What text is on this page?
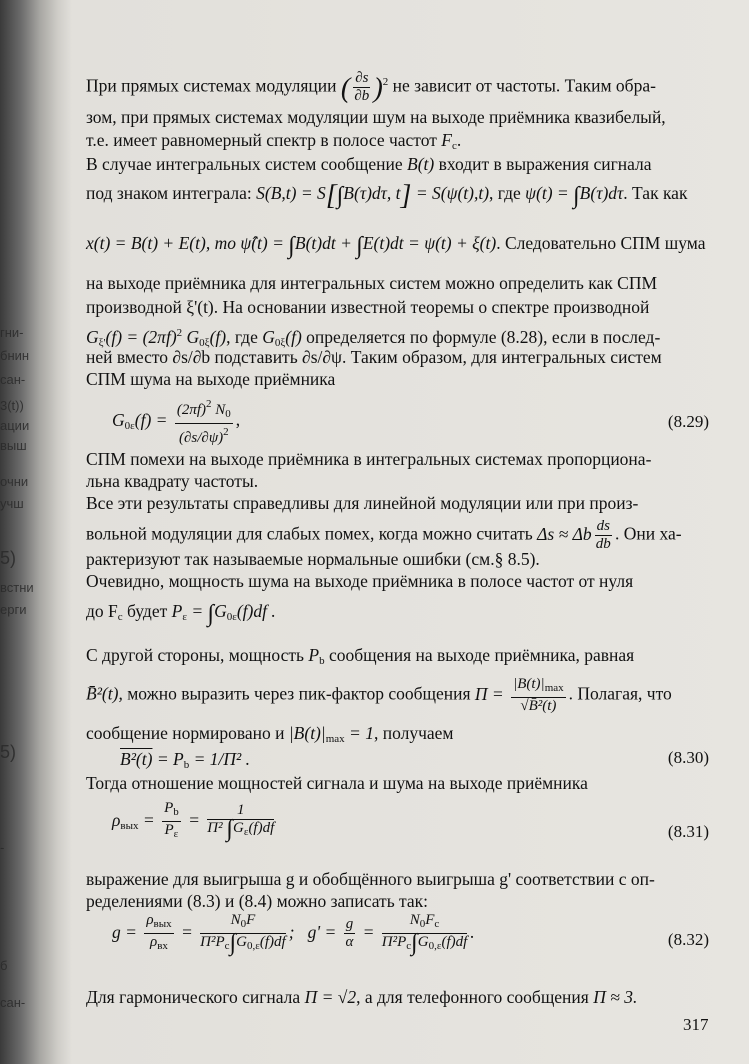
гни-
бнин
сан-
3(t))
ации
выш
очни
учш
5)
встни
ерги
5)
-
б
сан-
При прямых системах модуляции ( $\frac{\partial s}{\partial b} )^2$ не зависит от частоты. Таким обра-
зом, при прямых системах модуляции шум на выходе приёмника квазибелый,
т.е. имеет равномерный спектр в полосе частот $F_c$.
В случае интегральных систем сообщение B(t) входит в выражения сигнала
под знаком интеграла: S(B,t) = S[∫B(τ)dτ, t] = S(ψ(t),t), где ψ(t) = ∫B(τ)dτ. Так как
x(t) = B(t) + E(t), то ψ̂(t) = ∫B(t)dt + ∫E(t)dt = ψ(t) + ξ(t). Следовательно СПМ шума
на выходе приёмника для интегральных систем можно определить как СПМ
производной ξ'(t). На основании известной теоремы о спектре производной
$G_{\xi'}(f) = (2\pi f)^2$ $G_{0\xi}(f)$, где $G_{0\xi}(f)$ определяется по формуле (8.28), если в послед-
ней вместо ∂s/∂b подставить ∂s/∂ψ. Таким образом, для интегральных систем
СПМ шума на выходе приёмника
$G_{0\varepsilon}(f) = \frac{(2\pi f)^2 N_0}{(\partial s/\partial\psi)^2}$ ,	(8.29)
СПМ помехи на выходе приёмника в интегральных системах пропорциона-
льна квадрату частоты.
Все эти результаты справедливы для линейной модуляции или при произ-
вольной модуляции для слабых помех, когда можно считать Δs ≈ Δb $\frac{ds}{db}$ . Они ха-
рактеризуют так называемые нормальные ошибки (см.§ 8.5).
Очевидно, мощность шума на выходе приёмника в полосе частот от нуля
до $F_c$ будет $P_\varepsilon = \int G_{0\varepsilon}(f)df$ .
С другой стороны, мощность $P_b$ сообщения на выходе приёмника, равная
B̄²(t), можно выразить через пик-фактор сообщения $\Pi = \frac{|B(t)|_{max}}{\text{√B̄²(t)}}$ . Полагая, что
сообщение нормировано и $|B(t)|_{max} = 1$, получаем
$B^2(t) = P_b = 1/\Pi^2$ .	(8.30)
Тогда отношение мощностей сигнала и шума на выходе приёмника
$\rho_{вых} = \frac{P_b}{P_\varepsilon} = \frac{1}{\Pi^2 \int G_\varepsilon(f)df}$	(8.31)
выражение для выигрыша g и обобщённого выигрыша g' соответствии с оп-
ределениями (8.3) и (8.4) можно записать так:
$g = \frac{\rho_{вых}}{\rho_{вх}} = \frac{N_0F}{\Pi^2P_c\int G_{0,\varepsilon}(f)df}$ ;   $g' = \frac{g}{\alpha} = \frac{N_0F_c}{\Pi^2P_c\int G_{0,\varepsilon}(f)df}$ .	(8.32)
Для гармонического сигнала Π = √2, а для телефонного сообщения Π ≈ 3.
317
